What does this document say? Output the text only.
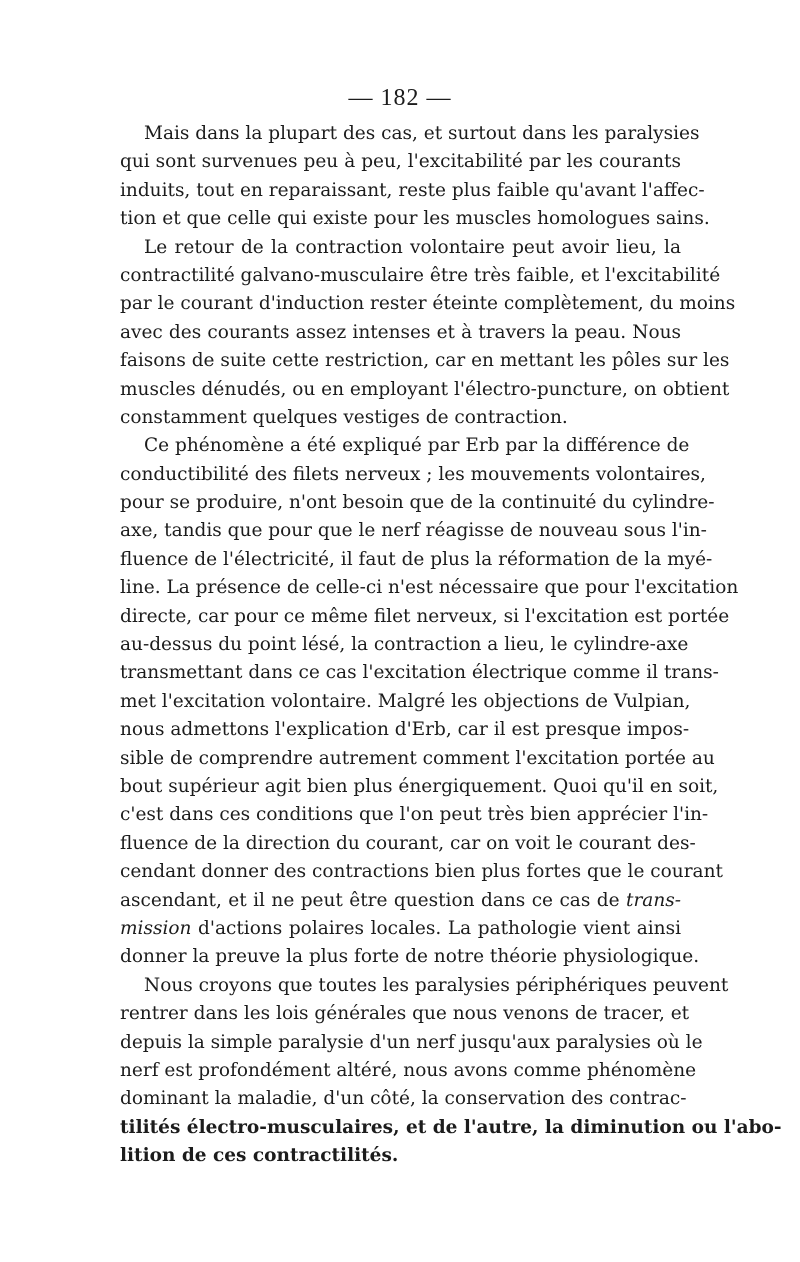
— 182 —
Mais dans la plupart des cas, et surtout dans les paralysies
qui sont survenues peu à peu, l'excitabilité par les courants
induits, tout en reparaissant, reste plus faible qu'avant l'affec-
tion et que celle qui existe pour les muscles homologues sains.
Le retour de la contraction volontaire peut avoir lieu, la
contractilité galvano-musculaire être très faible, et l'excitabilité
par le courant d'induction rester éteinte complètement, du moins
avec des courants assez intenses et à travers la peau. Nous
faisons de suite cette restriction, car en mettant les pôles sur les
muscles dénudés, ou en employant l'électro-puncture, on obtient
constamment quelques vestiges de contraction.
Ce phénomène a été expliqué par Erb par la différence de
conductibilité des filets nerveux ; les mouvements volontaires,
pour se produire, n'ont besoin que de la continuité du cylindre-
axe, tandis que pour que le nerf réagisse de nouveau sous l'in-
fluence de l'électricité, il faut de plus la réformation de la myé-
line. La présence de celle-ci n'est nécessaire que pour l'excitation
directe, car pour ce même filet nerveux, si l'excitation est portée
au-dessus du point lésé, la contraction a lieu, le cylindre-axe
transmettant dans ce cas l'excitation électrique comme il trans-
met l'excitation volontaire. Malgré les objections de Vulpian,
nous admettons l'explication d'Erb, car il est presque impos-
sible de comprendre autrement comment l'excitation portée au
bout supérieur agit bien plus énergiquement. Quoi qu'il en soit,
c'est dans ces conditions que l'on peut très bien apprécier l'in-
fluence de la direction du courant, car on voit le courant des-
cendant donner des contractions bien plus fortes que le courant
ascendant, et il ne peut être question dans ce cas de trans-
mission d'actions polaires locales. La pathologie vient ainsi
donner la preuve la plus forte de notre théorie physiologique.
Nous croyons que toutes les paralysies périphériques peuvent
rentrer dans les lois générales que nous venons de tracer, et
depuis la simple paralysie d'un nerf jusqu'aux paralysies où le
nerf est profondément altéré, nous avons comme phénomène
dominant la maladie, d'un côté, la conservation des contrac-
tilités électro-musculaires, et de l'autre, la diminution ou l'abo-
lition de ces contractilités.
